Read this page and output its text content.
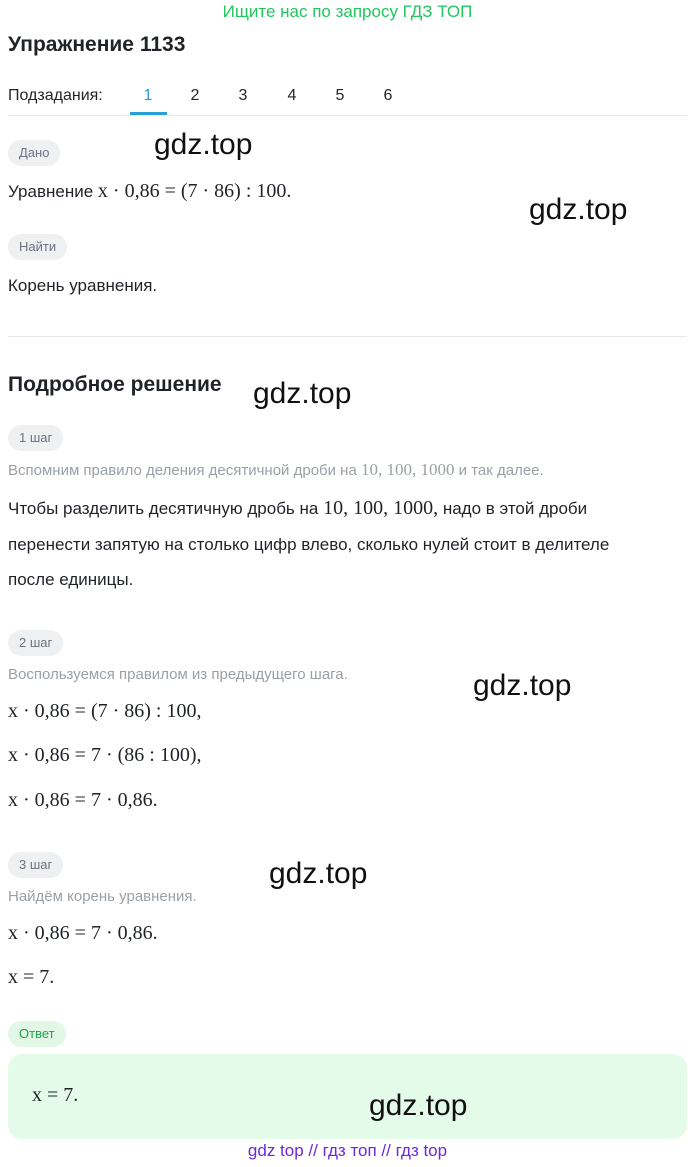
Ищите нас по запросу ГДЗ ТОП
Упражнение 1133
Подзадания:	1	2	3	4	5	6
Дано
Уравнение x · 0,86 = (7 · 86) : 100.
Найти
Корень уравнения.
Подробное решение
1 шаг
Вспомним правило деления десятичной дроби на 10, 100, 1000 и так далее.
Чтобы разделить десятичную дробь на 10, 100, 1000, надо в этой дроби
перенести запятую на столько цифр влево, сколько нулей стоит в делителе
после единицы.
2 шаг
Воспользуемся правилом из предыдущего шага.
x · 0,86 = (7 · 86) : 100,
x · 0,86 = 7 · (86 : 100),
x · 0,86 = 7 · 0,86.
3 шаг
Найдём корень уравнения.
x · 0,86 = 7 · 0,86.
x = 7.
Ответ
x = 7.
gdz.top
gdz.top
gdz.top
gdz.top
gdz.top
gdz.top
gdz top // гдз топ // гдз top
